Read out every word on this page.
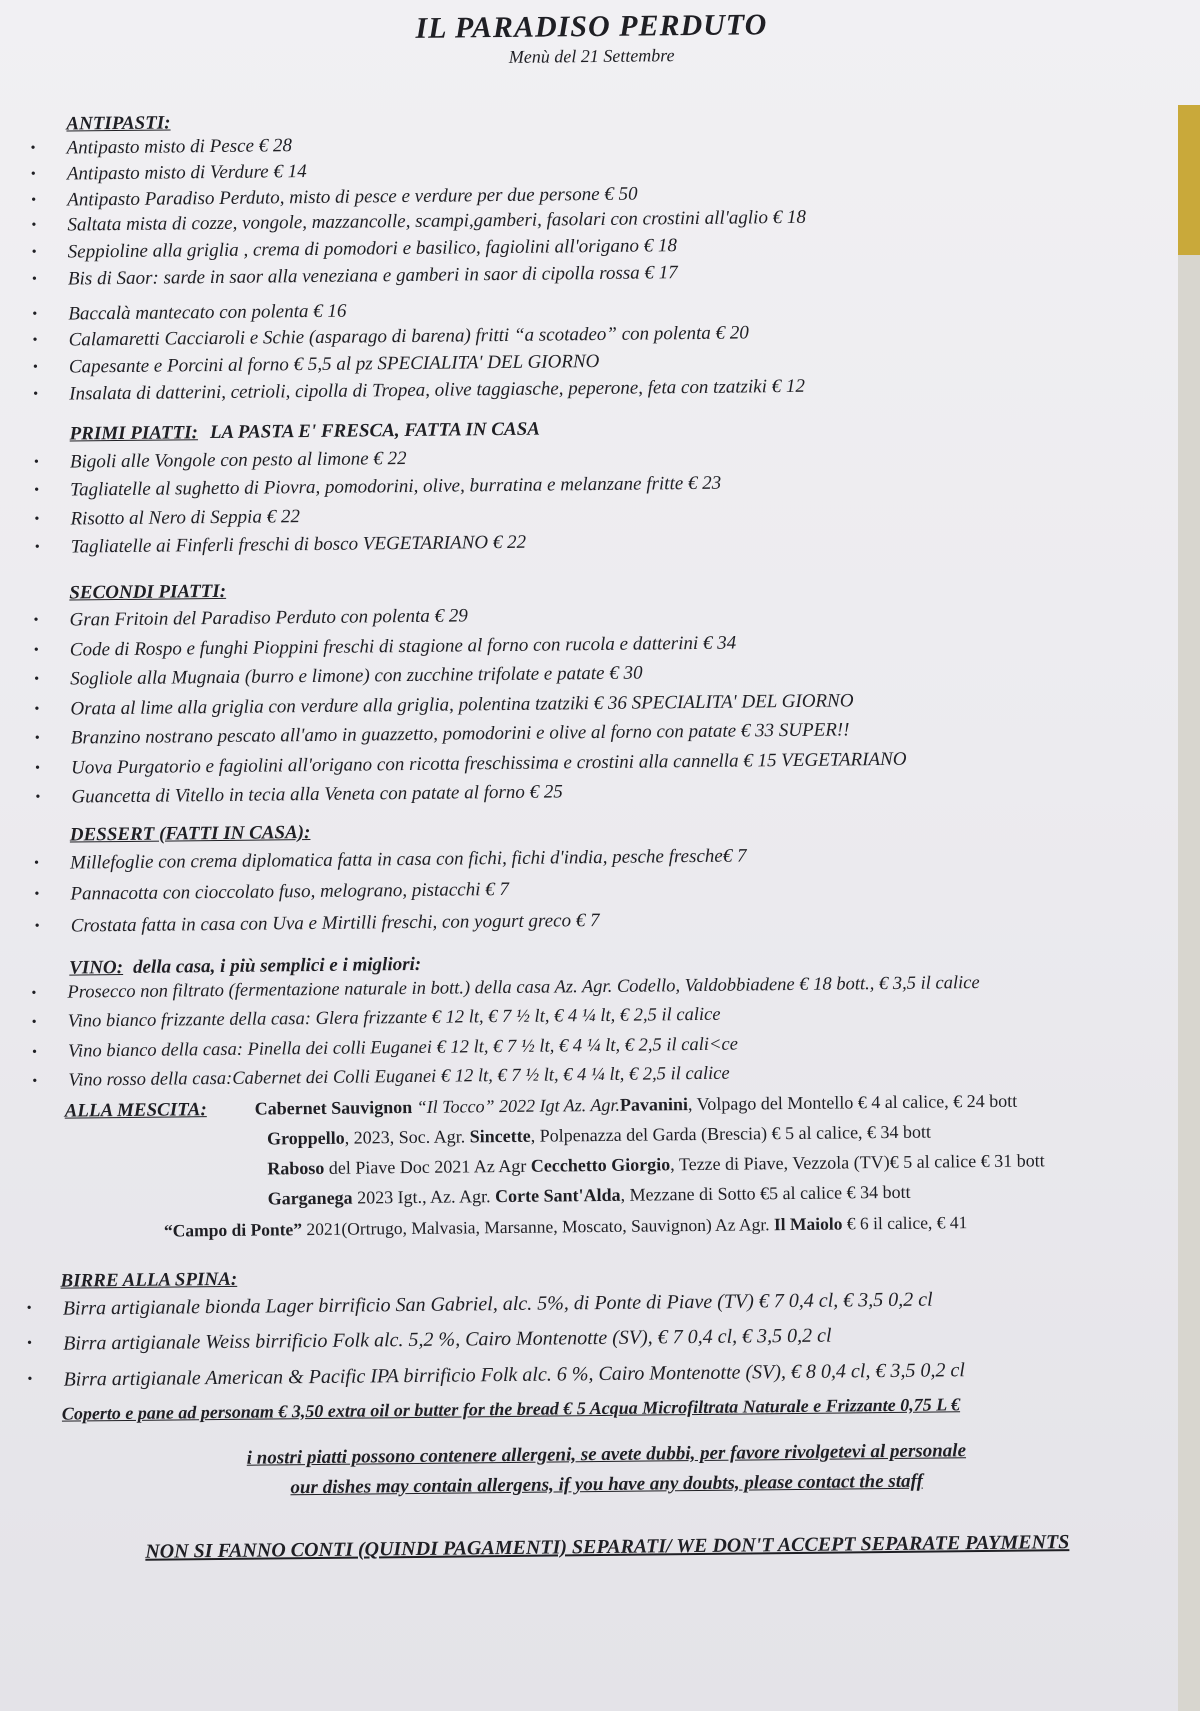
IL PARADISO PERDUTO
Menù del 21 Settembre
ANTIPASTI:
• Antipasto misto di Pesce € 28
• Antipasto misto di Verdure € 14
• Antipasto Paradiso Perduto, misto di pesce e verdure per due persone € 50
• Saltata mista di cozze, vongole, mazzancolle, scampi,gamberi, fasolari con crostini all'aglio € 18
• Seppioline alla griglia , crema di pomodori e basilico, fagiolini all'origano € 18
• Bis di Saor: sarde in saor alla veneziana e gamberi in saor di cipolla rossa € 17
• Baccalà mantecato con polenta € 16
• Calamaretti Cacciaroli e Schie (asparago di barena) fritti “a scotadeo” con polenta € 20
• Capesante e Porcini al forno € 5,5 al pz SPECIALITA' DEL GIORNO
• Insalata di datterini, cetrioli, cipolla di Tropea, olive taggiasche, peperone, feta con tzatziki € 12
PRIMI PIATTI: LA PASTA E' FRESCA, FATTA IN CASA
• Bigoli alle Vongole con pesto al limone € 22
• Tagliatelle al sughetto di Piovra, pomodorini, olive, burratina e melanzane fritte € 23
• Risotto al Nero di Seppia € 22
• Tagliatelle ai Finferli freschi di bosco VEGETARIANO € 22
SECONDI PIATTI:
• Gran Fritoin del Paradiso Perduto con polenta € 29
• Code di Rospo e funghi Pioppini freschi di stagione al forno con rucola e datterini € 34
• Sogliole alla Mugnaia (burro e limone) con zucchine trifolate e patate € 30
• Orata al lime alla griglia con verdure alla griglia, polentina tzatziki € 36 SPECIALITA' DEL GIORNO
• Branzino nostrano pescato all'amo in guazzetto, pomodorini e olive al forno con patate € 33 SUPER!!
• Uova Purgatorio e fagiolini all'origano con ricotta freschissima e crostini alla cannella € 15 VEGETARIANO
• Guancetta di Vitello in tecia alla Veneta con patate al forno € 25
DESSERT (FATTI IN CASA):
• Millefoglie con crema diplomatica fatta in casa con fichi, fichi d'india, pesche fresche€ 7
• Pannacotta con cioccolato fuso, melograno, pistacchi € 7
• Crostata fatta in casa con Uva e Mirtilli freschi, con yogurt greco € 7
VINO: della casa, i più semplici e i migliori:
• Prosecco non filtrato (fermentazione naturale in bott.) della casa Az. Agr. Codello, Valdobbiadene € 18 bott., € 3,5 il calice
• Vino bianco frizzante della casa: Glera frizzante € 12 lt, € 7 ½ lt, € 4 ¼ lt, € 2,5 il calice
• Vino bianco della casa: Pinella dei colli Euganei € 12 lt, € 7 ½ lt, € 4 ¼ lt, € 2,5 il cali<ce
• Vino rosso della casa:Cabernet dei Colli Euganei € 12 lt, € 7 ½ lt, € 4 ¼ lt, € 2,5 il calice
ALLA MESCITA:	Cabernet Sauvignon “Il Tocco” 2022 Igt Az. Agr.Pavanini, Volpago del Montello € 4 al calice, € 24 bott
Groppello, 2023, Soc. Agr. Sincette, Polpenazza del Garda (Brescia) € 5 al calice, € 34 bott
Raboso del Piave Doc 2021 Az Agr Cecchetto Giorgio, Tezze di Piave, Vezzola (TV)€ 5 al calice € 31 bott
Garganega 2023 Igt., Az. Agr. Corte Sant'Alda, Mezzane di Sotto €5 al calice € 34 bott
“Campo di Ponte” 2021(Ortrugo, Malvasia, Marsanne, Moscato, Sauvignon) Az Agr. Il Maiolo € 6 il calice, € 41
BIRRE ALLA SPINA:
• Birra artigianale bionda Lager birrificio San Gabriel, alc. 5%, di Ponte di Piave (TV) € 7 0,4 cl, € 3,5 0,2 cl
• Birra artigianale Weiss birrificio Folk alc. 5,2 %, Cairo Montenotte (SV), € 7 0,4 cl, € 3,5 0,2 cl
• Birra artigianale American & Pacific IPA birrificio Folk alc. 6 %, Cairo Montenotte (SV), € 8 0,4 cl, € 3,5 0,2 cl
Coperto e pane ad personam € 3,50 extra oil or butter for the bread € 5 Acqua Microfiltrata Naturale e Frizzante 0,75 L €
i nostri piatti possono contenere allergeni, se avete dubbi, per favore rivolgetevi al personale
our dishes may contain allergens, if you have any doubts, please contact the staff
NON SI FANNO CONTI (QUINDI PAGAMENTI) SEPARATI/ WE DON'T ACCEPT SEPARATE PAYMENTS
